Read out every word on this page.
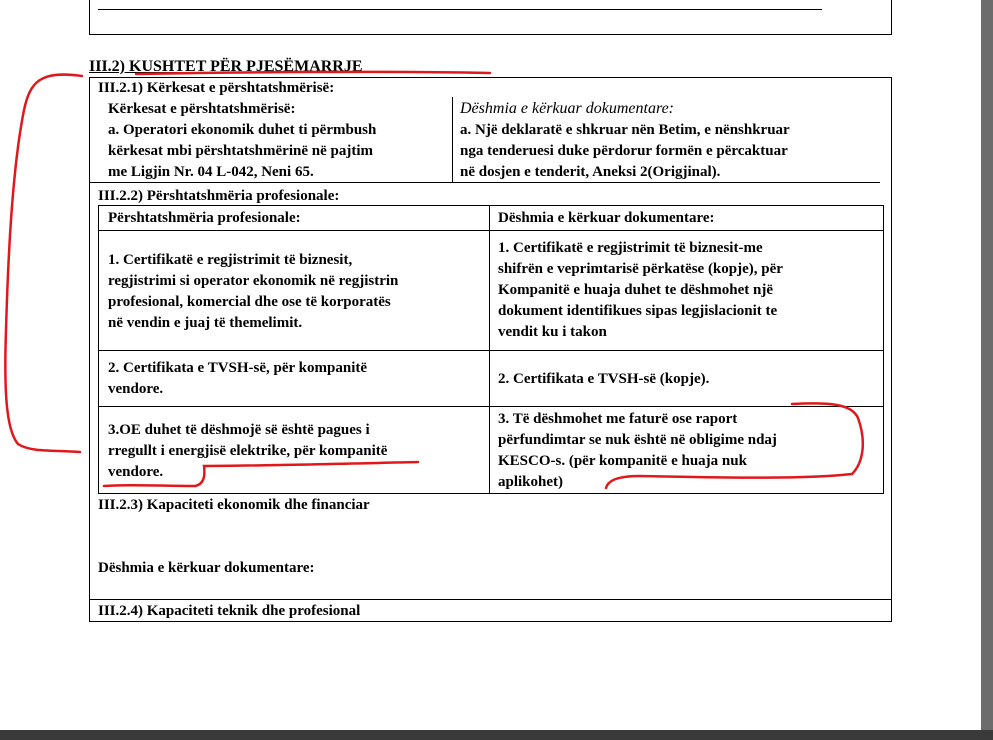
III.2) KUSHTET PËR PJESËMARRJE
III.2.1) Kërkesat e përshtatshmërisë:
Kërkesat e përshtatshmërisë:
a. Operatori ekonomik duhet ti përmbush
kërkesat mbi përshtatshmërinë në pajtim
me Ligjin Nr. 04 L-042, Neni 65.
Dëshmia e kërkuar dokumentare:
a. Një deklaratë e shkruar nën Betim, e nënshkruar
nga tenderuesi duke përdorur formën e përcaktuar
në dosjen e tenderit, Aneksi 2(Origjinal).
III.2.2) Përshtatshmëria profesionale:
Përshtatshmëria profesionale:	Dëshmia e kërkuar dokumentare:
1. Certifikatë e regjistrimit të biznesit,
regjistrimi si operator ekonomik në regjistrin
profesional, komercial dhe ose të korporatës
në vendin e juaj të themelimit.
1. Certifikatë e regjistrimit të biznesit-me
shifrën e veprimtarisë përkatëse (kopje), për
Kompanitë e huaja duhet te dëshmohet një
dokument identifikues sipas legjislacionit te
vendit ku i takon
2. Certifikata e TVSH-së, për kompanitë
vendore.
2. Certifikata e TVSH-së (kopje).
3.OE duhet të dëshmojë së është pagues i
rregullt i energjisë elektrike, për kompanitë
vendore.
3. Të dëshmohet me faturë ose raport
përfundimtar se nuk është në obligime ndaj
KESCO-s. (për kompanitë e huaja nuk
aplikohet)
III.2.3) Kapaciteti ekonomik dhe financiar
Dëshmia e kërkuar dokumentare:
III.2.4) Kapaciteti teknik dhe profesional
